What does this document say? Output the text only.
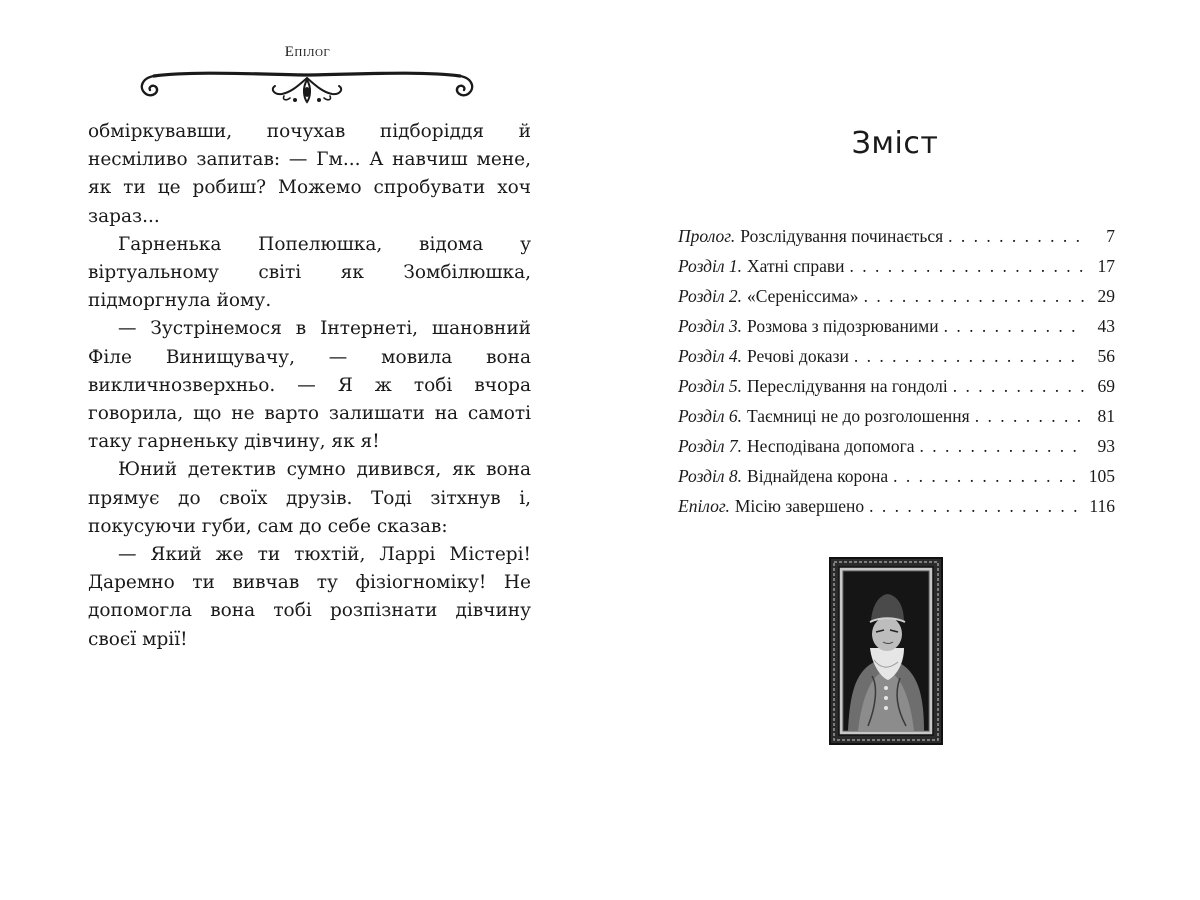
Епілог

обміркувавши, почухав підборіддя й несміливо запитав: — Гм... А навчиш мене, як ти це робиш? Можемо спробувати хоч зараз...

Гарненька Попелюшка, відома у віртуальному світі як Зомбілюшка, підморгнула йому.

— Зустрінемося в Інтернеті, шановний Філе Винищувачу, — мовила вона викличнозверхньо. — Я ж тобі вчора говорила, що не варто залишати на самоті таку гарненьку дівчину, як я!

Юний детектив сумно дивився, як вона прямує до своїх друзів. Тоді зітхнув і, покусуючи губи, сам до себе сказав:

— Який же ти тюхтій, Ларрі Містері! Даремно ти вивчав ту фізіогноміку! Не допомогла вона тобі розпізнати дівчину своєї мрії!

Зміст
Пролог. Розслідування починається . . .	7
Розділ 1. Хатні справи . . .	17
Розділ 2. «Сереніссима» . . .	29
Розділ 3. Розмова з підозрюваними . . .	43
Розділ 4. Речові докази . . .	56
Розділ 5. Переслідування на гондолі . . .	69
Розділ 6. Таємниці не до розголошення . . .	81
Розділ 7. Несподівана допомога . . .	93
Розділ 8. Віднайдена корона . . .	105
Епілог. Місію завершено . . .	116
